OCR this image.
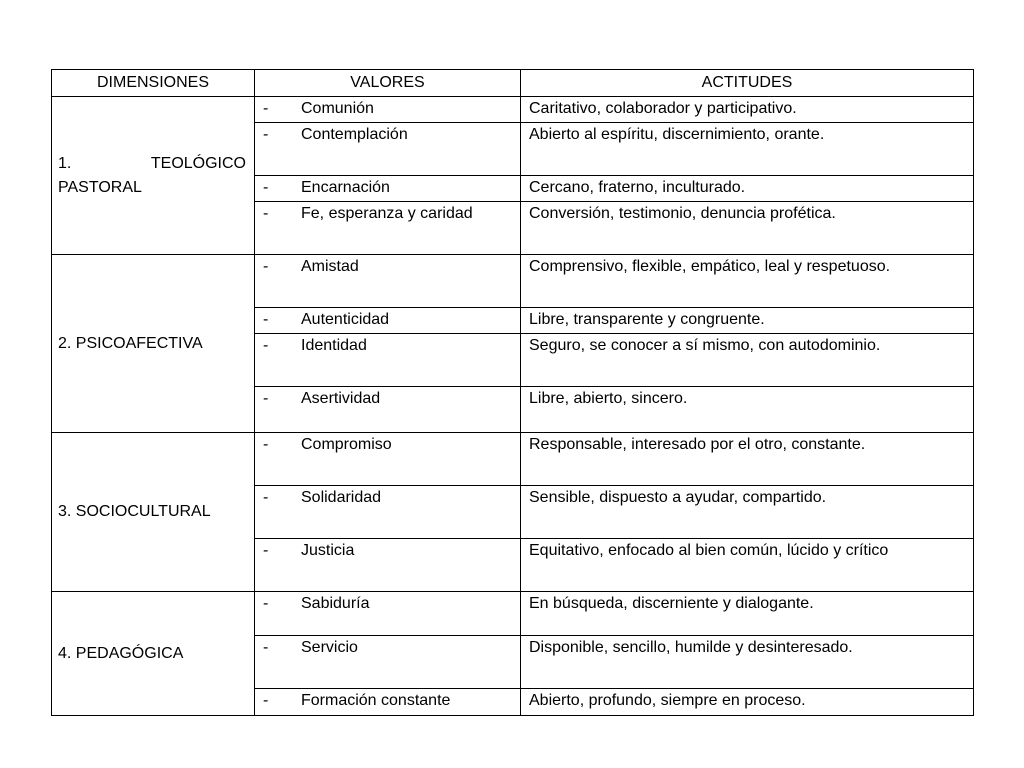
DIMENSIONES	VALORES	ACTITUDES
1. TEOLÓGICO PASTORAL	- Comunión	Caritativo, colaborador y participativo.

	- Contemplación	Abierto al espíritu, discernimiento, orante.

	- Encarnación	Cercano, fraterno, inculturado.

	- Fe, esperanza y caridad	Conversión, testimonio, denuncia profética.
2. PSICOAFECTIVA	- Amistad	Comprensivo, flexible, empático, leal y respetuoso.

	- Autenticidad	Libre, transparente y congruente.

	- Identidad	Seguro, se conocer a sí mismo, con autodominio.

	- Asertividad	Libre, abierto, sincero.
3. SOCIOCULTURAL	- Compromiso	Responsable, interesado por el otro, constante.

	- Solidaridad	Sensible, dispuesto a ayudar, compartido.

	- Justicia	Equitativo, enfocado al bien común, lúcido y crítico
4. PEDAGÓGICA	- Sabiduría	En búsqueda, discerniente y dialogante.

	- Servicio	Disponible, sencillo, humilde y desinteresado.

	- Formación constante	Abierto, profundo, siempre en proceso.
